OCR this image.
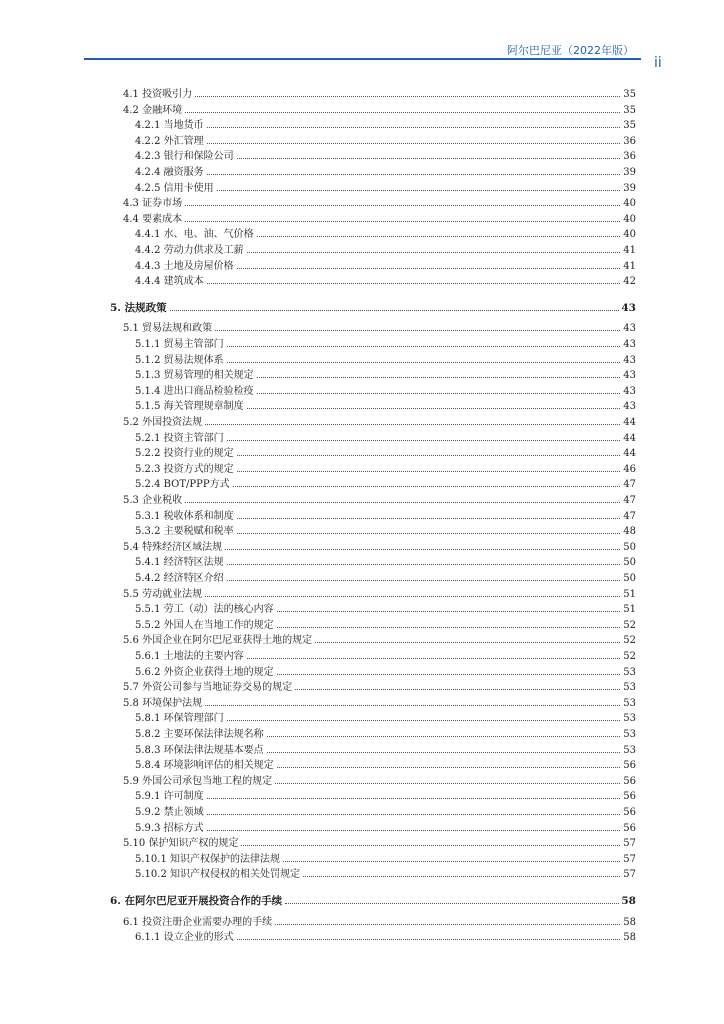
阿尔巴尼亚（2022年版）
ii
4.1 投资吸引力	35
4.2 金融环境	35
4.2.1 当地货币	35
4.2.2 外汇管理	36
4.2.3 银行和保险公司	36
4.2.4 融资服务	39
4.2.5 信用卡使用	39
4.3 证券市场	40
4.4 要素成本	40
4.4.1 水、电、油、气价格	40
4.4.2 劳动力供求及工薪	41
4.4.3 土地及房屋价格	41
4.4.4 建筑成本	42
5. 法规政策	43
5.1 贸易法规和政策	43
5.1.1 贸易主管部门	43
5.1.2 贸易法规体系	43
5.1.3 贸易管理的相关规定	43
5.1.4 进出口商品检验检疫	43
5.1.5 海关管理规章制度	43
5.2 外国投资法规	44
5.2.1 投资主管部门	44
5.2.2 投资行业的规定	44
5.2.3 投资方式的规定	46
5.2.4 BOT/PPP方式	47
5.3 企业税收	47
5.3.1 税收体系和制度	47
5.3.2 主要税赋和税率	48
5.4 特殊经济区域法规	50
5.4.1 经济特区法规	50
5.4.2 经济特区介绍	50
5.5 劳动就业法规	51
5.5.1 劳工（动）法的核心内容	51
5.5.2 外国人在当地工作的规定	52
5.6 外国企业在阿尔巴尼亚获得土地的规定	52
5.6.1 土地法的主要内容	52
5.6.2 外资企业获得土地的规定	53
5.7 外资公司参与当地证券交易的规定	53
5.8 环境保护法规	53
5.8.1 环保管理部门	53
5.8.2 主要环保法律法规名称	53
5.8.3 环保法律法规基本要点	53
5.8.4 环境影响评估的相关规定	56
5.9 外国公司承包当地工程的规定	56
5.9.1 许可制度	56
5.9.2 禁止领域	56
5.9.3 招标方式	56
5.10 保护知识产权的规定	57
5.10.1 知识产权保护的法律法规	57
5.10.2 知识产权侵权的相关处罚规定	57
6. 在阿尔巴尼亚开展投资合作的手续	58
6.1 投资注册企业需要办理的手续	58
6.1.1 设立企业的形式	58
